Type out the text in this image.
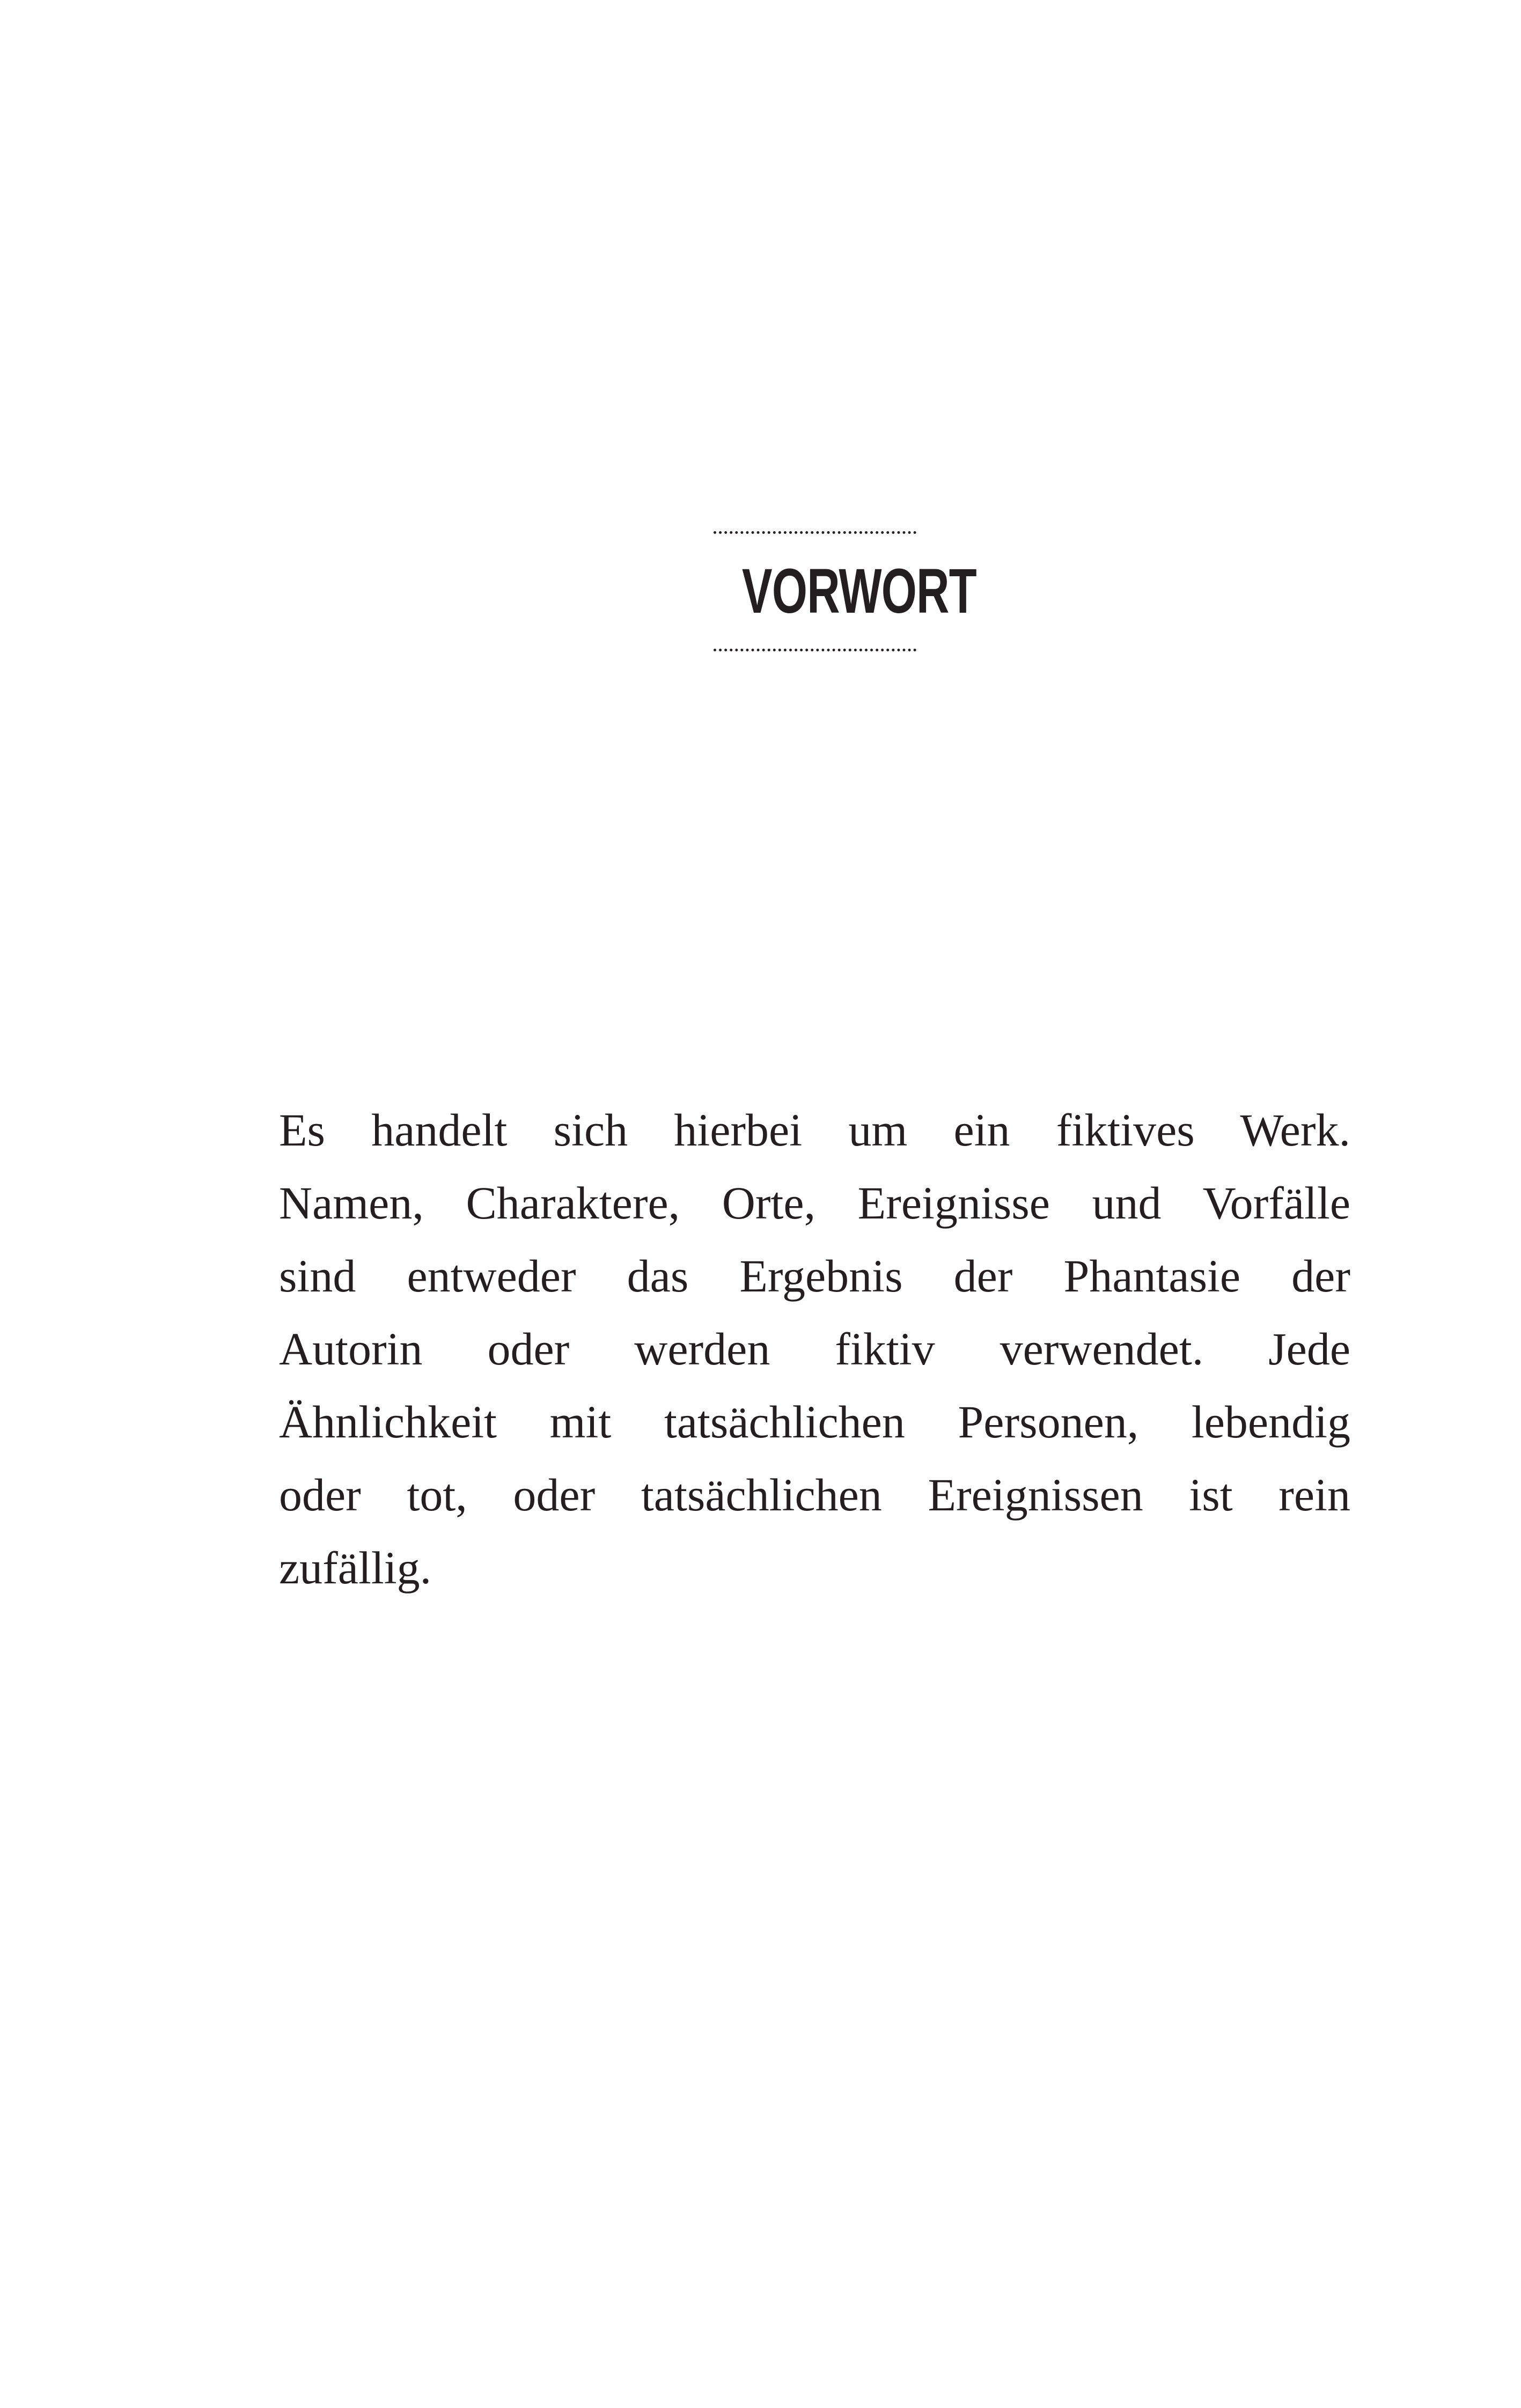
VORWORT
Es handelt sich hierbei um ein fiktives Werk.
Namen, Charaktere, Orte, Ereignisse und Vorfälle
sind entweder das Ergebnis der Phantasie der
Autorin oder werden fiktiv verwendet. Jede
Ähnlichkeit mit tatsächlichen Personen, lebendig
oder tot, oder tatsächlichen Ereignissen ist rein
zufällig.
